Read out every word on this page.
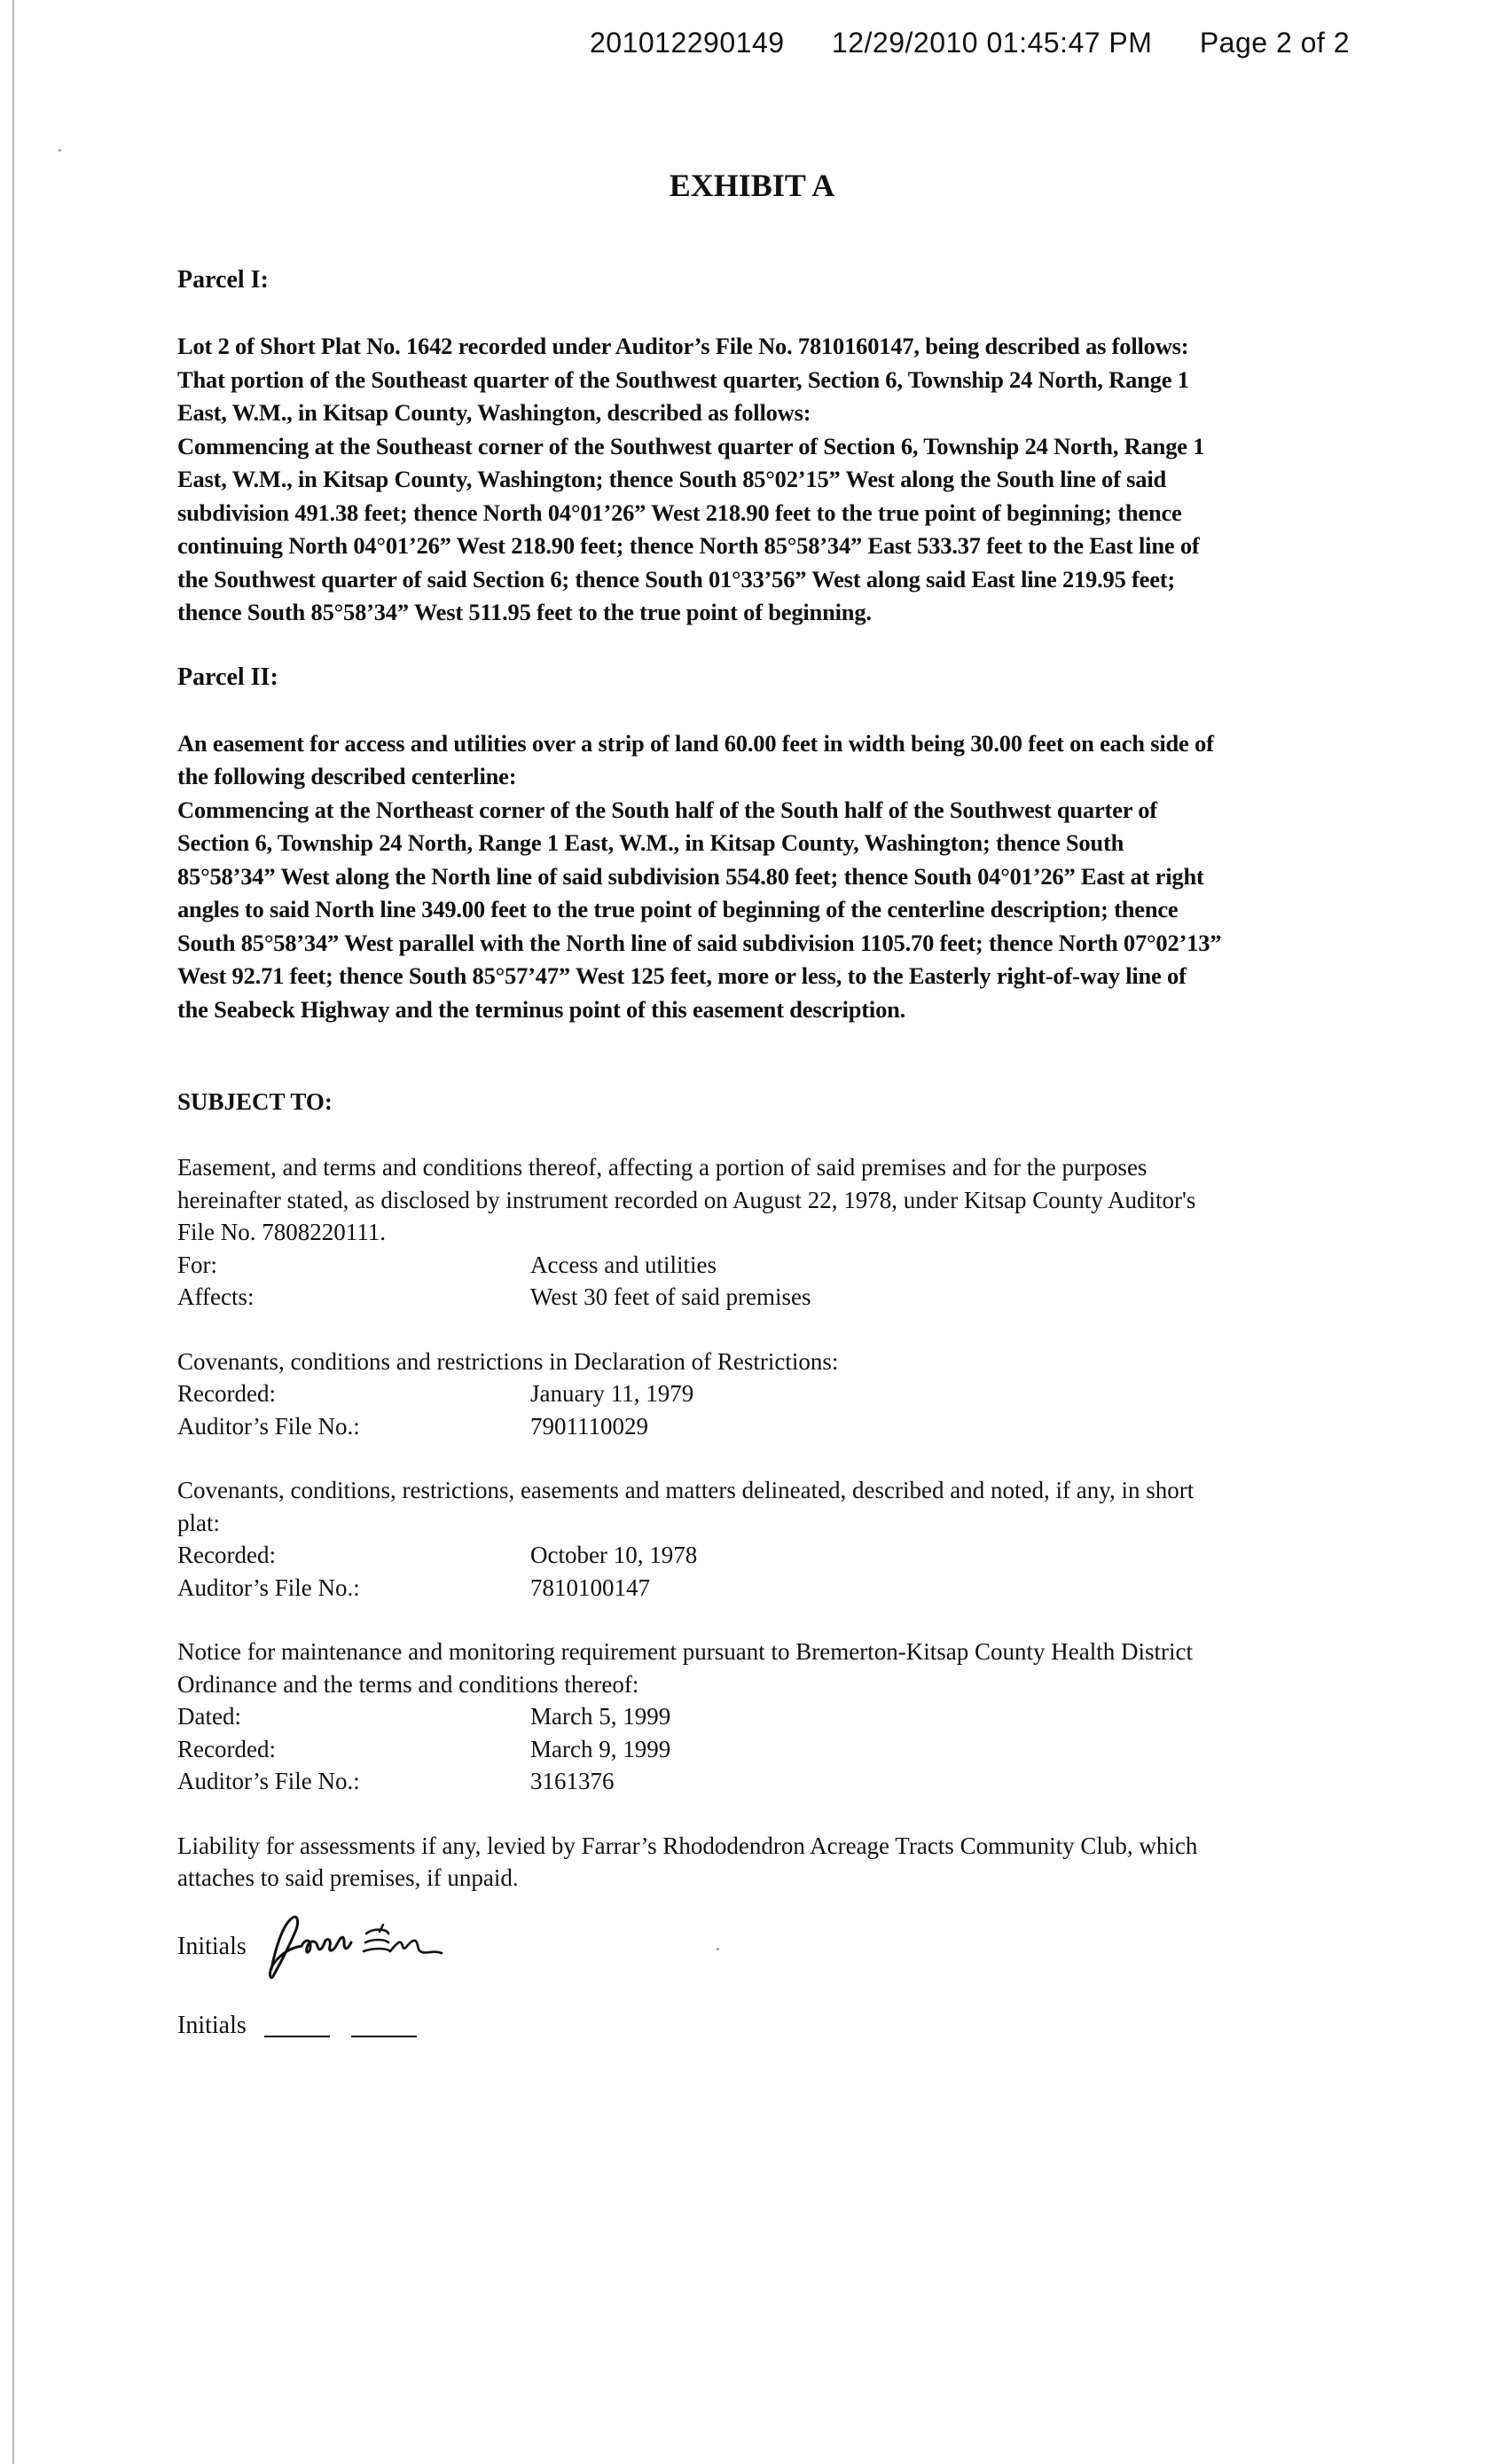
201012290149 12/29/2010 01:45:47 PM Page 2 of 2
EXHIBIT A

Parcel I:

Lot 2 of Short Plat No. 1642 recorded under Auditor’s File No. 7810160147, being described as follows:

That portion of the Southeast quarter of the Southwest quarter, Section 6, Township 24 North, Range 1

East, W.M., in Kitsap County, Washington, described as follows:

Commencing at the Southeast corner of the Southwest quarter of Section 6, Township 24 North, Range 1

East, W.M., in Kitsap County, Washington; thence South 85°02’15” West along the South line of said

subdivision 491.38 feet; thence North 04°01’26” West 218.90 feet to the true point of beginning; thence

continuing North 04°01’26” West 218.90 feet; thence North 85°58’34” East 533.37 feet to the East line of

the Southwest quarter of said Section 6; thence South 01°33’56” West along said East line 219.95 feet;

thence South 85°58’34” West 511.95 feet to the true point of beginning.

Parcel II:

An easement for access and utilities over a strip of land 60.00 feet in width being 30.00 feet on each side of

the following described centerline:

Commencing at the Northeast corner of the South half of the South half of the Southwest quarter of

Section 6, Township 24 North, Range 1 East, W.M., in Kitsap County, Washington; thence South

85°58’34” West along the North line of said subdivision 554.80 feet; thence South 04°01’26” East at right

angles to said North line 349.00 feet to the true point of beginning of the centerline description; thence

South 85°58’34” West parallel with the North line of said subdivision 1105.70 feet; thence North 07°02’13”

West 92.71 feet; thence South 85°57’47” West 125 feet, more or less, to the Easterly right-of-way line of

the Seabeck Highway and the terminus point of this easement description.

SUBJECT TO:

Easement, and terms and conditions thereof, affecting a portion of said premises and for the purposes

hereinafter stated, as disclosed by instrument recorded on August 22, 1978, under Kitsap County Auditor's

File No. 7808220111.

For:	Access and utilities
Affects:	West 30 feet of said premises

Covenants, conditions and restrictions in Declaration of Restrictions:

Recorded:	January 11, 1979
Auditor’s File No.:	7901110029

Covenants, conditions, restrictions, easements and matters delineated, described and noted, if any, in short

plat:

Recorded:	October 10, 1978
Auditor’s File No.:	7810100147

Notice for maintenance and monitoring requirement pursuant to Bremerton-Kitsap County Health District

Ordinance and the terms and conditions thereof:

Dated:	March 5, 1999
Recorded:	March 9, 1999
Auditor’s File No.:	3161376

Liability for assessments if any, levied by Farrar’s Rhododendron Acreage Tracts Community Club, which

attaches to said premises, if unpaid.

Initials
Initials
